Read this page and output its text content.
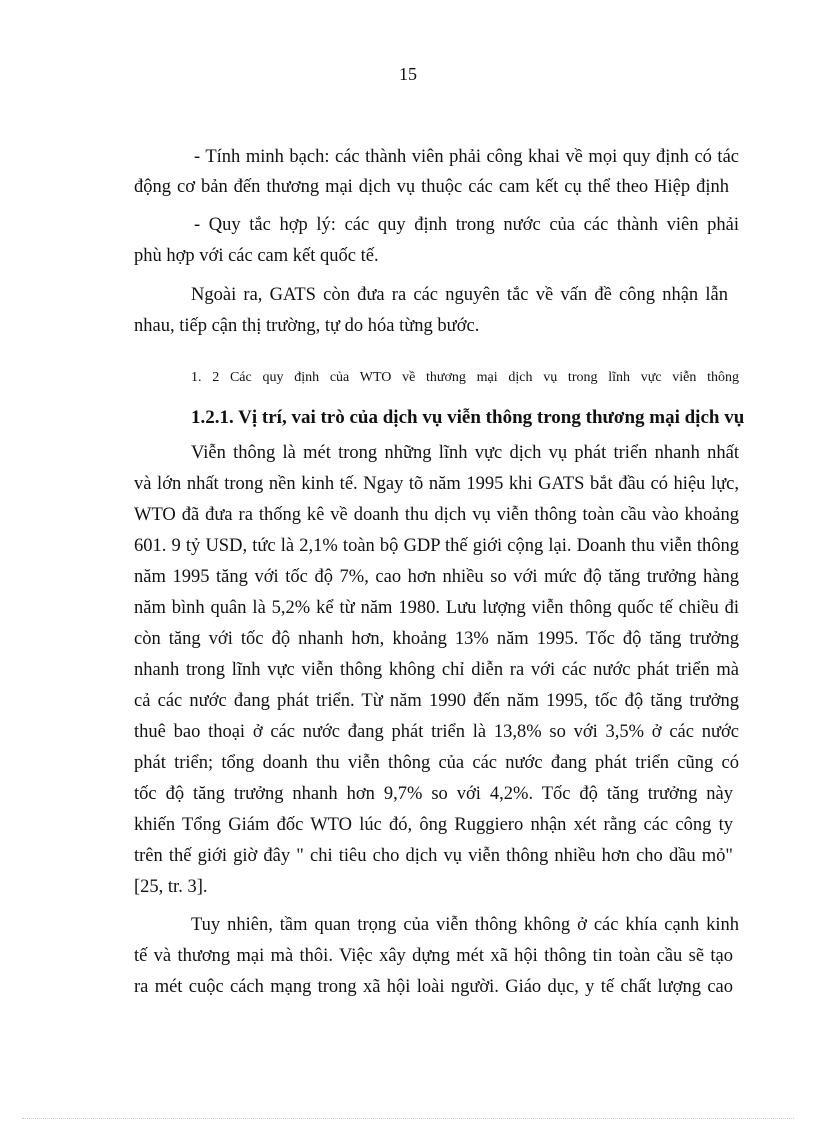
15
- Tính minh bạch: các thành viên phải công khai về mọi quy định có tác
động cơ bản đến thương mại dịch vụ thuộc các cam kết cụ thể theo Hiệp định
- Quy tắc hợp lý: các quy định trong nước của các thành viên phải
phù hợp với các cam kết quốc tế.
Ngoài ra, GATS còn đưa ra các nguyên tắc về vấn đề công nhận lẫn
nhau, tiếp cận thị trường, tự do hóa từng bước.
1. 2 Các quy định của WTO về thương mại dịch vụ trong lĩnh vực viễn thông
1.2.1. Vị trí, vai trò của dịch vụ viễn thông trong thương mại dịch vụ
Viễn thông là mét trong những lĩnh vực dịch vụ phát triển nhanh nhất
và lớn nhất trong nền kinh tế. Ngay tõ năm 1995 khi GATS bắt đầu có hiệu lực,
WTO đã đưa ra thống kê về doanh thu dịch vụ viễn thông toàn cầu vào khoảng
601. 9 tỷ USD, tức là 2,1% toàn bộ GDP thế giới cộng lại. Doanh thu viễn thông
năm 1995 tăng với tốc độ 7%, cao hơn nhiều so với mức độ tăng trưởng hàng
năm bình quân là 5,2% kể từ năm 1980. Lưu lượng viễn thông quốc tế chiều đi
còn tăng với tốc độ nhanh hơn, khoảng 13% năm 1995. Tốc độ tăng trưởng
nhanh trong lĩnh vực viễn thông không chỉ diễn ra với các nước phát triển mà
cả các nước đang phát triển. Từ năm 1990 đến năm 1995, tốc độ tăng trưởng
thuê bao thoại ở các nước đang phát triển là 13,8% so với 3,5% ở các nước
phát triển; tổng doanh thu viễn thông của các nước đang phát triển cũng có
tốc độ tăng trưởng nhanh hơn 9,7% so với 4,2%. Tốc độ tăng trưởng này
khiến Tổng Giám đốc WTO lúc đó, ông Ruggiero nhận xét rằng các công ty
trên thế giới giờ đây " chi tiêu cho dịch vụ viễn thông nhiều hơn cho dầu mỏ"
[25, tr. 3].
Tuy nhiên, tầm quan trọng của viễn thông không ở các khía cạnh kinh
tế và thương mại mà thôi. Việc xây dựng mét xã hội thông tin toàn cầu sẽ tạo
ra mét cuộc cách mạng trong xã hội loài người. Giáo dục, y tế chất lượng cao
